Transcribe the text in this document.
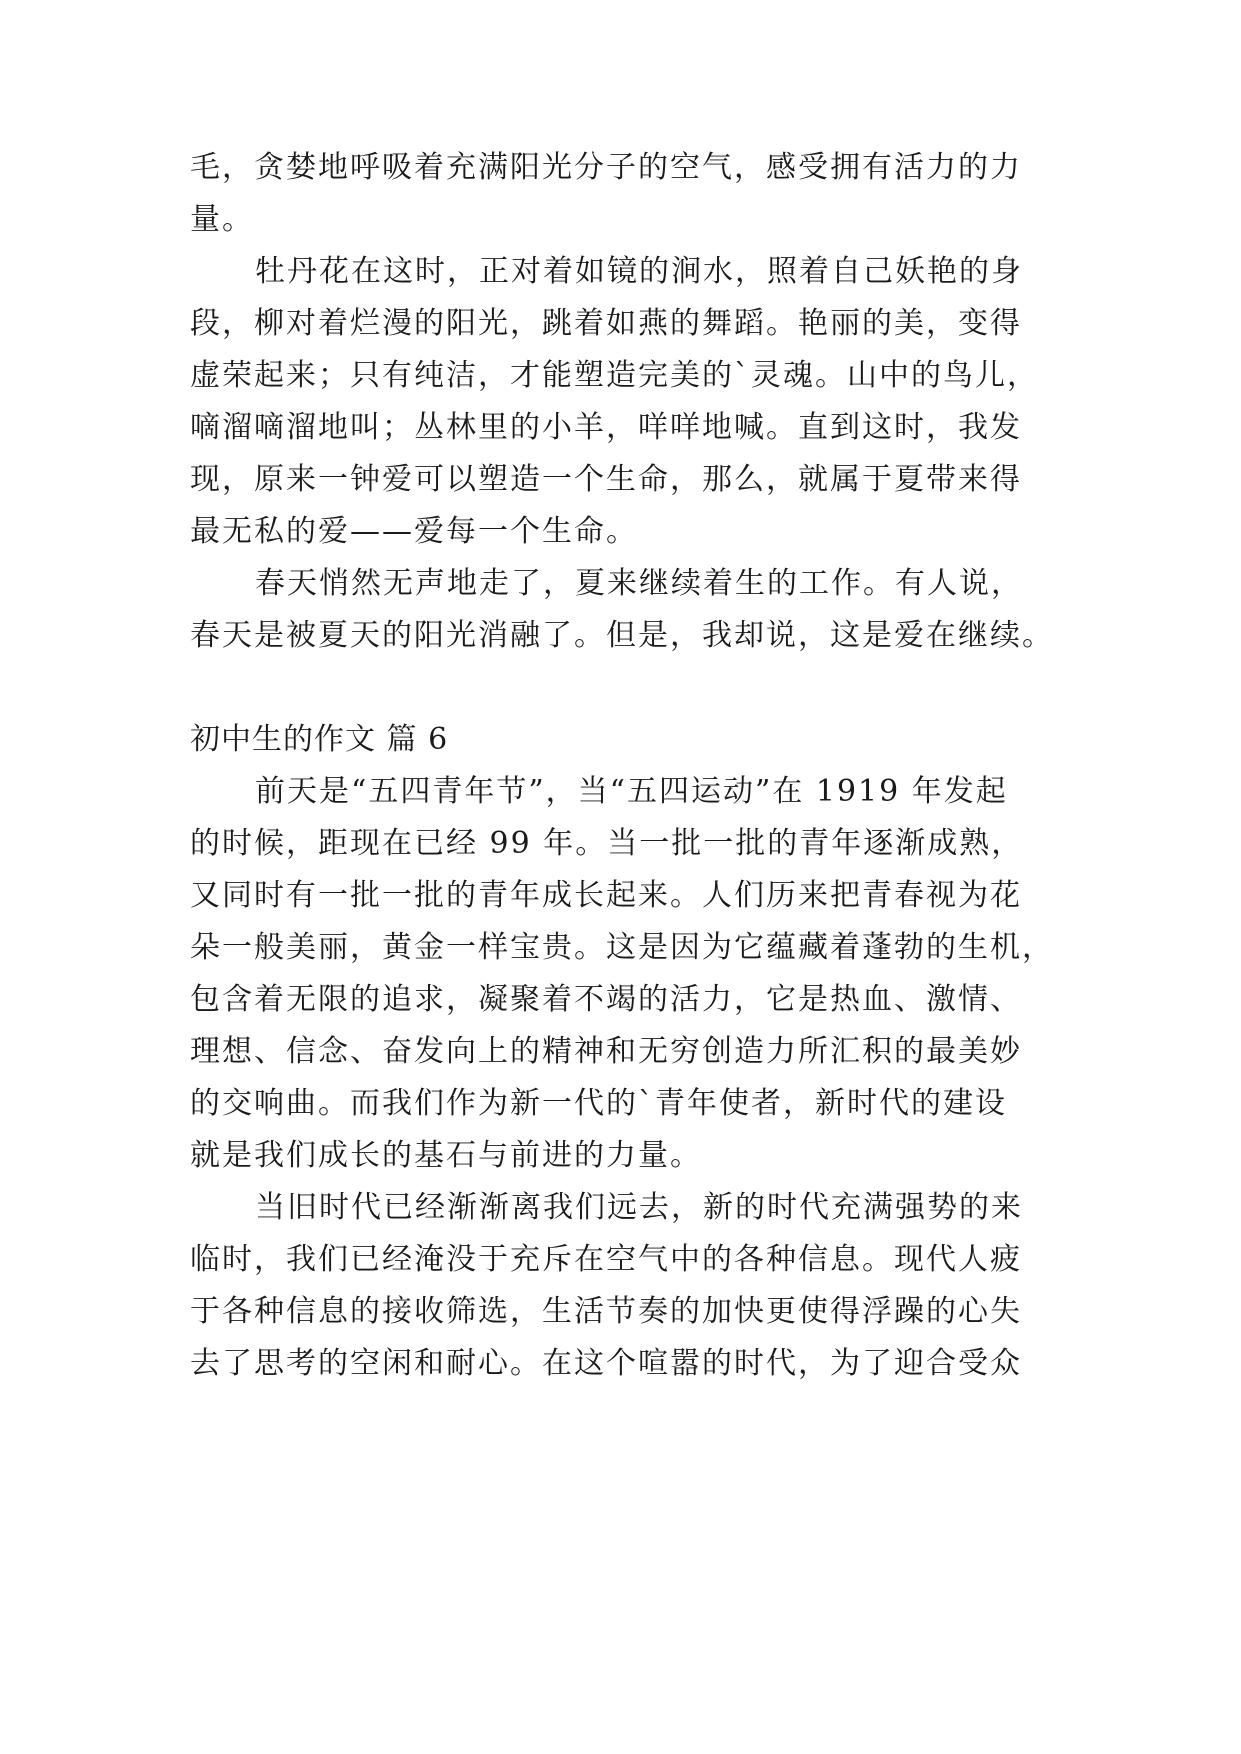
毛，贪婪地呼吸着充满阳光分子的空气，感受拥有活力的力
量。
牡丹花在这时，正对着如镜的涧水，照着自己妖艳的身
段，柳对着烂漫的阳光，跳着如燕的舞蹈。艳丽的美，变得
虚荣起来；只有纯洁，才能塑造完美的`灵魂。山中的鸟儿，
嘀溜嘀溜地叫；丛林里的小羊，咩咩地喊。直到这时，我发
现，原来一钟爱可以塑造一个生命，那么，就属于夏带来得
最无私的爱——爱每一个生命。
春天悄然无声地走了，夏来继续着生的工作。有人说，
春天是被夏天的阳光消融了。但是，我却说，这是爱在继续。
初中生的作文 篇 6
前天是“五四青年节”，当“五四运动”在 1919 年发起
的时候，距现在已经 99 年。当一批一批的青年逐渐成熟，
又同时有一批一批的青年成长起来。人们历来把青春视为花
朵一般美丽，黄金一样宝贵。这是因为它蕴藏着蓬勃的生机，
包含着无限的追求，凝聚着不竭的活力，它是热血、激情、
理想、信念、奋发向上的精神和无穷创造力所汇积的最美妙
的交响曲。而我们作为新一代的`青年使者，新时代的建设
就是我们成长的基石与前进的力量。
当旧时代已经渐渐离我们远去，新的时代充满强势的来
临时，我们已经淹没于充斥在空气中的各种信息。现代人疲
于各种信息的接收筛选，生活节奏的加快更使得浮躁的心失
去了思考的空闲和耐心。在这个喧嚣的时代，为了迎合受众
